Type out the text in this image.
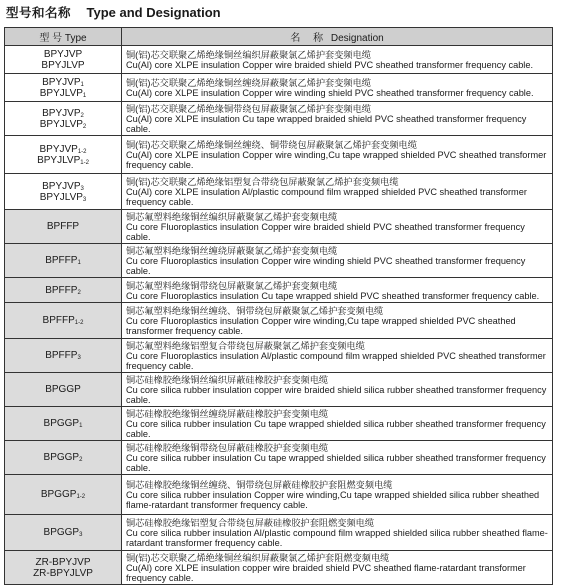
型号和名称 Type and Designation
型 号 Type	名 称 Designation

BPYJVP
BPYJLVP	铜(铝)芯交联聚乙烯绝缘铜丝编织屏蔽聚氯乙烯护套变频电缆
Cu(Al) core XLPE insulation Copper wire braided shield PVC sheathed transformer frequency cable.

$BPYJVP_1$
$BPYJLVP_1$	铜(铝)芯交联聚乙烯绝缘铜丝缠绕屏蔽聚氯乙烯护套变频电缆
Cu(Al) core XLPE insulation Copper wire winding shield PVC sheathed transformer frequency cable.

$BPYJVP_2$
$BPYJLVP_2$	铜(铝)芯交联聚乙烯绝缘铜带绕包屏蔽聚氯乙烯护套变频电缆
Cu(Al) core XLPE insulation Cu tape wrapped braided shield PVC sheathed transformer frequency cable.

$BPYJVP_{1-2}$
$BPYJLVP_{1-2}$	铜(铝)芯交联聚乙烯绝缘铜丝缠绕、铜带绕包屏蔽聚氯乙烯护套变频电缆
Cu(Al) core XLPE insulation Copper wire winding,Cu tape wrapped shielded PVC sheathed transformer frequency cable.

$BPYJVP_3$
$BPYJLVP_3$	铜(铝)芯交联聚乙烯绝缘铝塑复合带绕包屏蔽聚氯乙烯护套变频电缆
Cu(Al) core XLPE insulation Al/plastic compound film wrapped shielded PVC sheathed transformer frequency cable.

BPFFP	铜芯氟塑料绝缘铜丝编织屏蔽聚氯乙烯护套变频电缆
Cu core Fluoroplastics insulation Copper wire braided shield PVC sheathed transformer frequency cable.

$BPFFP_1$	铜芯氟塑料绝缘铜丝缠绕屏蔽聚氯乙烯护套变频电缆
Cu core Fluoroplastics insulation Copper wire winding shield PVC sheathed transformer frequency cable.

$BPFFP_2$	铜芯氟塑料绝缘铜带绕包屏蔽聚氯乙烯护套变频电缆
Cu core Fluoroplastics insulation Cu tape wrapped shield PVC sheathed transformer frequency cable.

$BPFFP_{1-2}$	铜芯氟塑料绝缘铜丝缠绕、铜带绕包屏蔽聚氯乙烯护套变频电缆
Cu core Fluoroplastics insulation Copper wire winding,Cu tape wrapped shielded PVC sheathed transformer frequency cable.

$BPFFP_3$	铜芯氟塑料绝缘铝塑复合带绕包屏蔽聚氯乙烯护套变频电缆
Cu core Fluoroplastics insulation Al/plastic compound film wrapped shielded PVC sheathed transformer frequency cable.

BPGGP	铜芯硅橡胶绝缘铜丝编织屏蔽硅橡胶护套变频电缆
Cu core silica rubber insulation copper wire braided shield silica rubber sheathed transformer frequency cable.

$BPGGP_1$	铜芯硅橡胶绝缘铜丝缠绕屏蔽硅橡胶护套变频电缆
Cu core silica rubber insulation Cu tape wrapped shielded silica rubber sheathed transformer frequency cable.

$BPGGP_2$	铜芯硅橡胶绝缘铜带绕包屏蔽硅橡胶护套变频电缆
Cu core silica rubber insulation Cu tape wrapped shielded silica rubber sheathed transformer frequency cable.

$BPGGP_{1-2}$	铜芯硅橡胶绝缘铜丝缠绕、铜带绕包屏蔽硅橡胶护套阻燃变频电缆
Cu core silica rubber insulation Copper wire winding,Cu tape wrapped shielded silica rubber sheathed flame-ratardant transformer frequency cable.

$BPGGP_3$	铜芯硅橡胶绝缘铝塑复合带绕包屏蔽硅橡胶护套阻燃变频电缆
Cu core silica rubber insulation Al/plastic compound film wrapped shielded silica rubber sheathed flame-ratardant transformer frequency cable.

ZR-BPYJVP
ZR-BPYJLVP	铜(铝)芯交联聚乙烯绝缘铜丝编织屏蔽聚氯乙烯护套阻燃变频电缆
Cu(Al) core XLPE insulation copper wire braided shield PVC sheathed flame-ratardant transformer frequency cable.
